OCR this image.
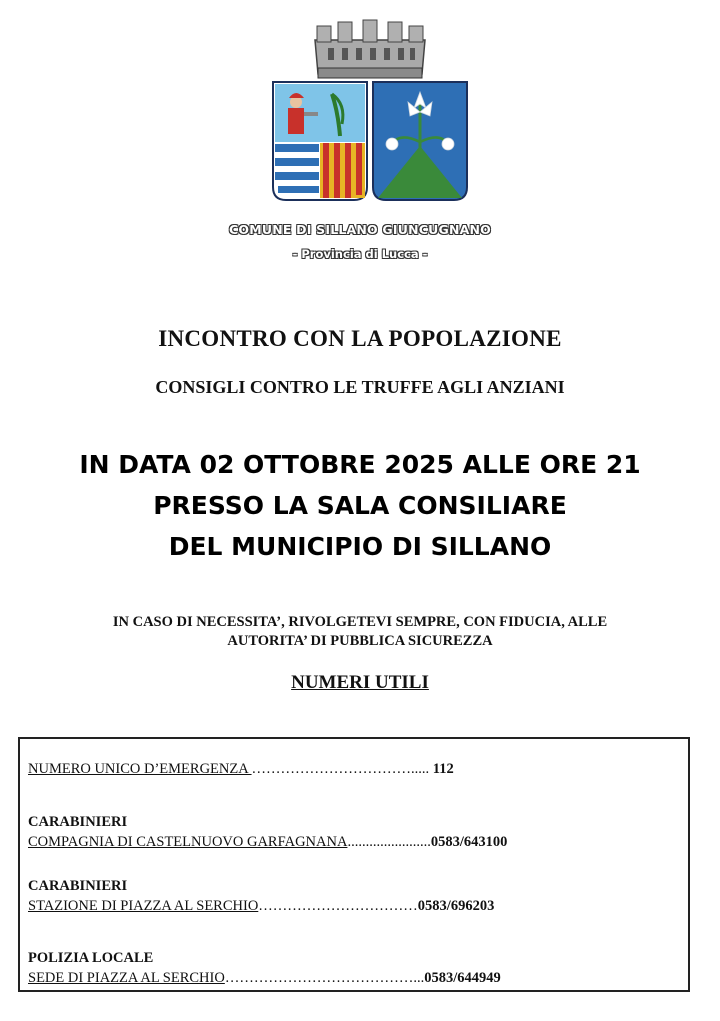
COMUNE DI SILLANO GIUNCUGNANO
- Provincia di Lucca -
INCONTRO CON LA POPOLAZIONE
CONSIGLI CONTRO LE TRUFFE AGLI ANZIANI
IN DATA 02 OTTOBRE 2025 ALLE ORE 21
PRESSO LA SALA CONSILIARE
DEL MUNICIPIO DI SILLANO
IN CASO DI NECESSITA’, RIVOLGETEVI SEMPRE, CON FIDUCIA, ALLE
AUTORITA’ DI PUBBLICA SICUREZZA
NUMERI UTILI
NUMERO UNICO D’EMERGENZA ……………………………..... 112
CARABINIERI
COMPAGNIA DI CASTELNUOVO GARFAGNANA.......................0583/643100
CARABINIERI
STAZIONE DI PIAZZA AL SERCHIO……………………………0583/696203
POLIZIA LOCALE
SEDE DI PIAZZA AL SERCHIO…………………………………...0583/644949
